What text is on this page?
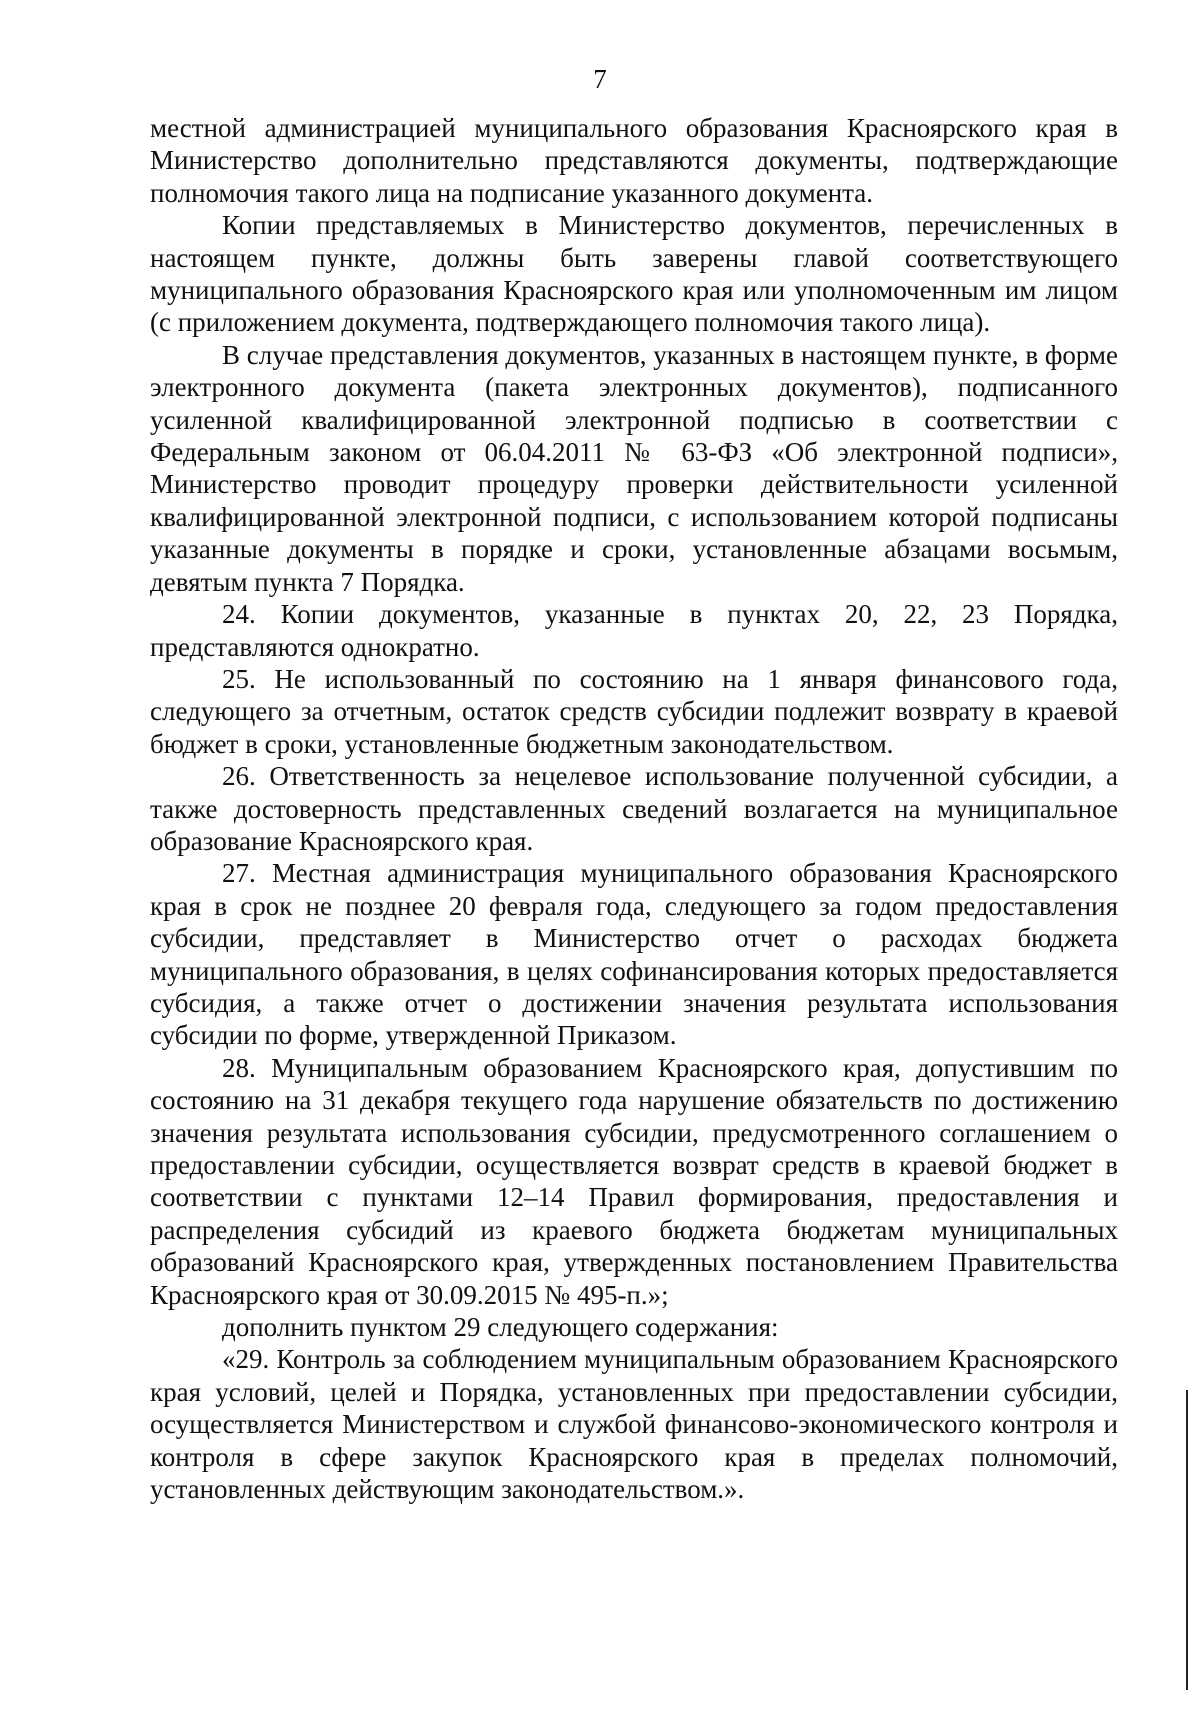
7

местной администрацией муниципального образования Красноярского края в Министерство дополнительно представляются документы, подтверждающие полномочия такого лица на подписание указанного документа.

Копии представляемых в Министерство документов, перечисленных в настоящем пункте, должны быть заверены главой соответствующего муниципального образования Красноярского края или уполномоченным им лицом (с приложением документа, подтверждающего полномочия такого лица).

В случае представления документов, указанных в настоящем пункте, в форме электронного документа (пакета электронных документов), подписанного усиленной квалифицированной электронной подписью в соответствии с Федеральным законом от 06.04.2011 № 63-ФЗ «Об электронной подписи», Министерство проводит процедуру проверки действительности усиленной квалифицированной электронной подписи, с использованием которой подписаны указанные документы в порядке и сроки, установленные абзацами восьмым, девятым пункта 7 Порядка.

24. Копии документов, указанные в пунктах 20, 22, 23 Порядка, представляются однократно.

25. Не использованный по состоянию на 1 января финансового года, следующего за отчетным, остаток средств субсидии подлежит возврату в краевой бюджет в сроки, установленные бюджетным законодательством.

26. Ответственность за нецелевое использование полученной субсидии, а также достоверность представленных сведений возлагается на муниципальное образование Красноярского края.

27. Местная администрация муниципального образования Красноярского края в срок не позднее 20 февраля года, следующего за годом предоставления субсидии, представляет в Министерство отчет о расходах бюджета муниципального образования, в целях софинансирования которых предоставляется субсидия, а также отчет о достижении значения результата использования субсидии по форме, утвержденной Приказом.

28. Муниципальным образованием Красноярского края, допустившим по состоянию на 31 декабря текущего года нарушение обязательств по достижению значения результата использования субсидии, предусмотренного соглашением о предоставлении субсидии, осуществляется возврат средств в краевой бюджет в соответствии с пунктами 12–14 Правил формирования, предоставления и распределения субсидий из краевого бюджета бюджетам муниципальных образований Красноярского края, утвержденных постановлением Правительства Красноярского края от 30.09.2015 № 495-п.»;

дополнить пунктом 29 следующего содержания:

«29. Контроль за соблюдением муниципальным образованием Красноярского края условий, целей и Порядка, установленных при предоставлении субсидии, осуществляется Министерством и службой финансово-экономического контроля и контроля в сфере закупок Красноярского края в пределах полномочий, установленных действующим законодательством.».
